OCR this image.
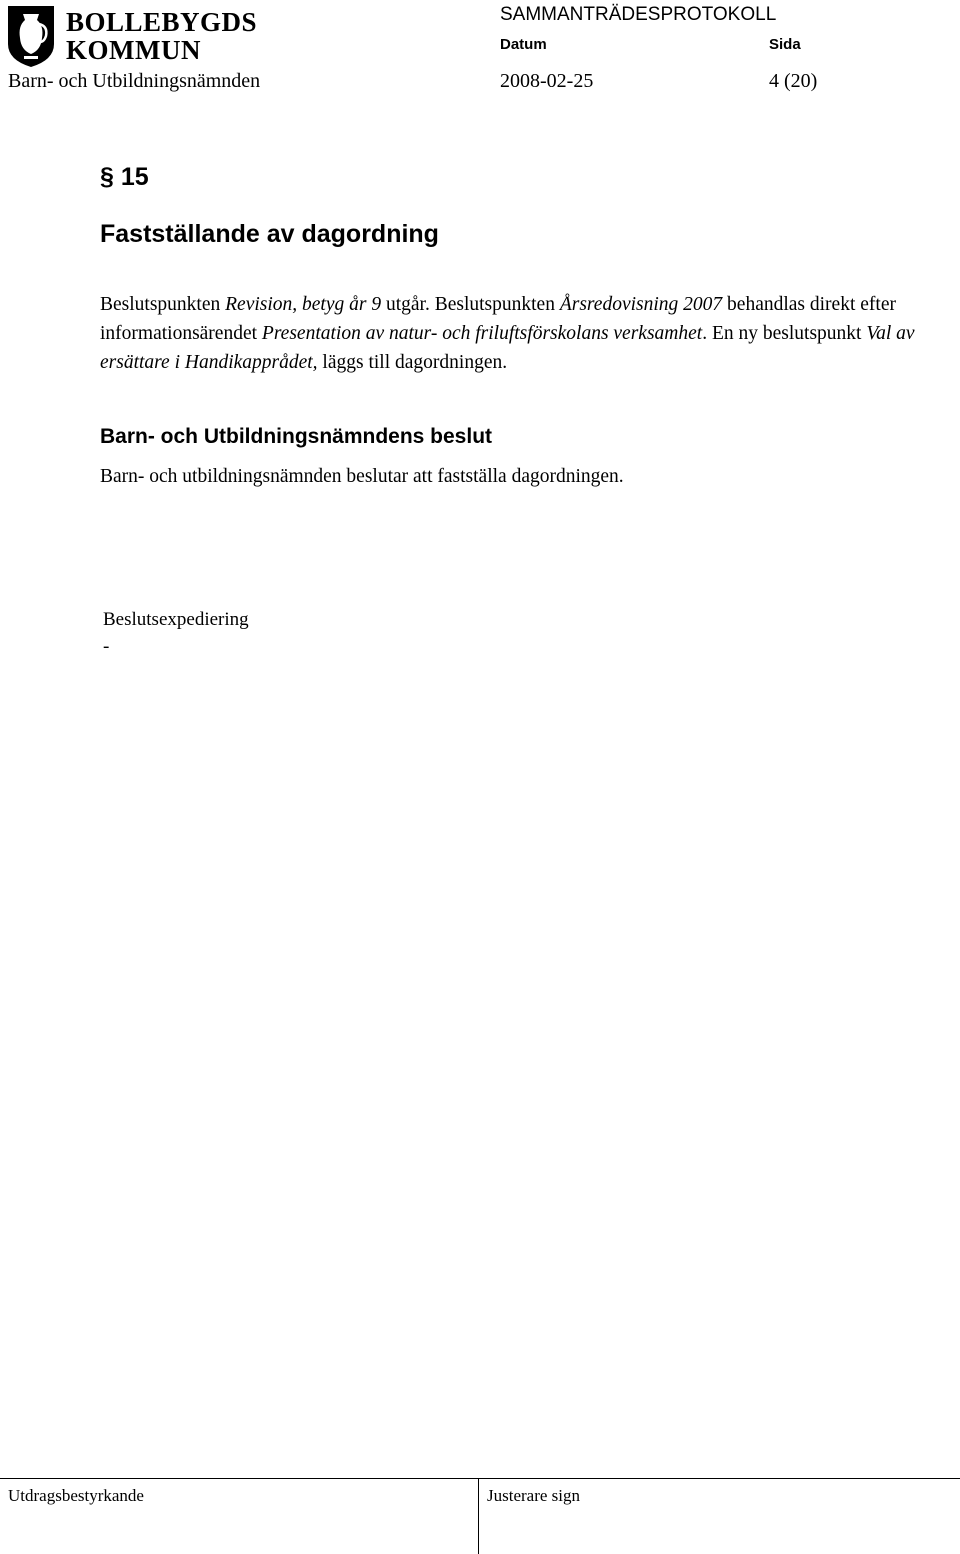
BOLLEBYGDS
KOMMUN
SAMMANTRÄDESPROTOKOLL
Datum	Sida
Barn- och Utbildningsnämnden	2008-02-25	4 (20)
§ 15
Fastställande av dagordning
Beslutspunkten Revision, betyg år 9 utgår. Beslutspunkten Årsredovisning 2007 behandlas direkt efter informationsärendet Presentation av natur- och friluftsförskolans verksamhet. En ny beslutspunkt Val av ersättare i Handikapprådet, läggs till dagordningen.
Barn- och Utbildningsnämndens beslut
Barn- och utbildningsnämnden beslutar att fastställa dagordningen.
Beslutsexpediering
-
Utdragsbestyrkande	Justerare sign
